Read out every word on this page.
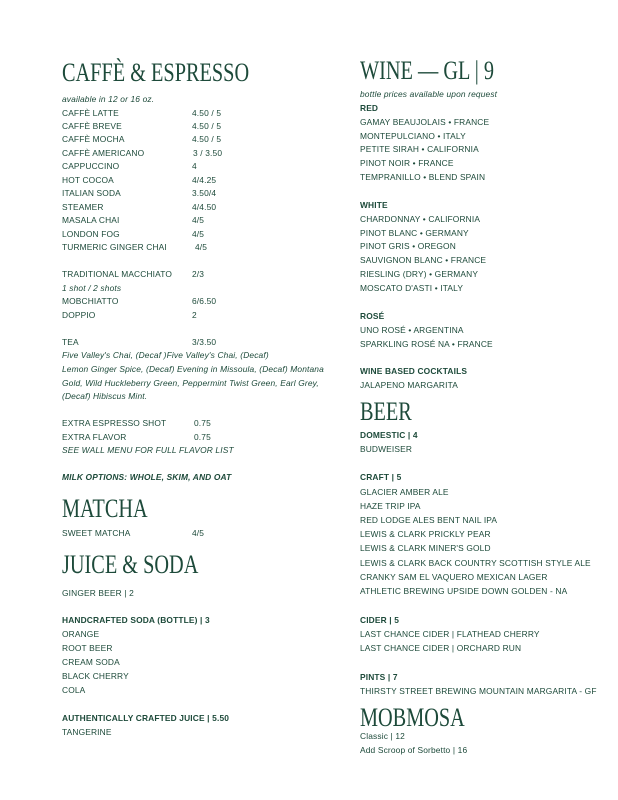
CAFFÈ & ESPRESSO
available in 12 or 16 oz.
CAFFÈ LATTE	4.50 / 5
CAFFÈ BREVE	4.50 / 5
CAFFÈ MOCHA	4.50 / 5
CAFFÈ AMERICANO	3 / 3.50
CAPPUCCINO	4
HOT COCOA	4/4.25
ITALIAN SODA	3.50/4
STEAMER	4/4.50
MASALA CHAI	4/5
LONDON FOG	4/5
TURMERIC GINGER CHAI	4/5
TRADITIONAL MACCHIATO 2/3
1 shot / 2 shots
MOBCHIATTO	6/6.50
DOPPIO	2
TEA	3/3.50
Five Valley's Chai, (Decaf )Five Valley's Chai, (Decaf)
Lemon Ginger Spice, (Decaf) Evening in Missoula, (Decaf) Montana
Gold, Wild Huckleberry Green, Peppermint Twist Green, Earl Grey,
(Decaf) Hibiscus Mint.
EXTRA ESPRESSO SHOT	0.75
EXTRA FLAVOR	0.75
SEE WALL MENU FOR FULL FLAVOR LIST
MILK OPTIONS: WHOLE, SKIM, AND OAT
MATCHA
SWEET MATCHA	4/5
JUICE & SODA
GINGER BEER | 2
HANDCRAFTED SODA (BOTTLE) | 3
ORANGE
ROOT BEER
CREAM SODA
BLACK CHERRY
COLA
AUTHENTICALLY CRAFTED JUICE | 5.50
TANGERINE
WINE — GL | 9
bottle prices available upon request
RED
GAMAY BEAUJOLAIS • FRANCE
MONTEPULCIANO • ITALY
PETITE SIRAH • CALIFORNIA
PINOT NOIR • FRANCE
TEMPRANILLO • BLEND SPAIN
WHITE
CHARDONNAY • CALIFORNIA
PINOT BLANC • GERMANY
PINOT GRIS • OREGON
SAUVIGNON BLANC • FRANCE
RIESLING (DRY) • GERMANY
MOSCATO D'ASTI • ITALY
ROSÉ
UNO ROSÉ • ARGENTINA
SPARKLING ROSÉ NA • FRANCE
WINE BASED COCKTAILS
JALAPENO MARGARITA
BEER
DOMESTIC | 4
BUDWEISER
CRAFT | 5
GLACIER AMBER ALE
HAZE TRIP IPA
RED LODGE ALES BENT NAIL IPA
LEWIS & CLARK PRICKLY PEAR
LEWIS & CLARK MINER'S GOLD
LEWIS & CLARK BACK COUNTRY SCOTTISH STYLE ALE
CRANKY SAM EL VAQUERO MEXICAN LAGER
ATHLETIC BREWING UPSIDE DOWN GOLDEN - NA
CIDER | 5
LAST CHANCE CIDER | FLATHEAD CHERRY
LAST CHANCE CIDER | ORCHARD RUN
PINTS | 7
THIRSTY STREET BREWING MOUNTAIN MARGARITA - GF
MOBMOSA
Classic | 12
Add Scroop of Sorbetto | 16
